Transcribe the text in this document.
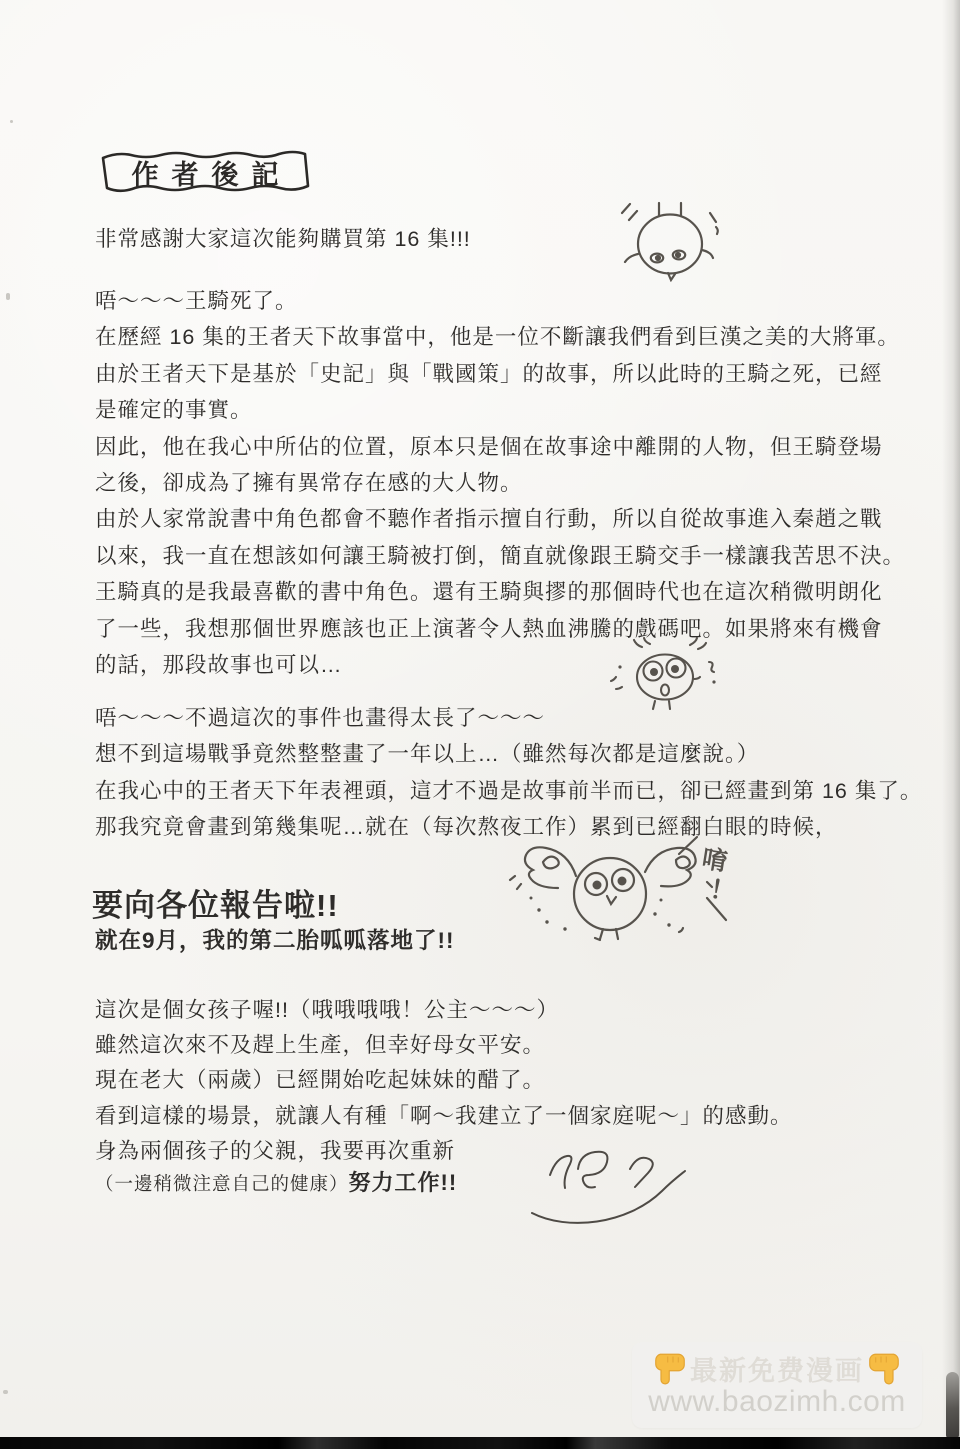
作者後記
非常感謝大家這次能夠購買第 16 集!!!
唔～～～王騎死了。
在歷經 16 集的王者天下故事當中，他是一位不斷讓我們看到巨漢之美的大將軍。
由於王者天下是基於「史記」與「戰國策」的故事，所以此時的王騎之死，已經
是確定的事實。
因此，他在我心中所佔的位置，原本只是個在故事途中離開的人物，但王騎登場
之後，卻成為了擁有異常存在感的大人物。
由於人家常說書中角色都會不聽作者指示擅自行動，所以自從故事進入秦趙之戰
以來，我一直在想該如何讓王騎被打倒，簡直就像跟王騎交手一樣讓我苦思不決。
王騎真的是我最喜歡的書中角色。還有王騎與摎的那個時代也在這次稍微明朗化
了一些，我想那個世界應該也正上演著令人熱血沸騰的戲碼吧。如果將來有機會
的話，那段故事也可以…
唔～～～不過這次的事件也畫得太長了～～～
想不到這場戰爭竟然整整畫了一年以上…（雖然每次都是這麼說。）
在我心中的王者天下年表裡頭，這才不過是故事前半而已，卻已經畫到第 16 集了。
那我究竟會畫到第幾集呢…就在（每次熬夜工作）累到已經翻白眼的時候，
唷！
要向各位報告啦!!
就在9月，我的第二胎呱呱落地了!!
這次是個女孩子喔!!（哦哦哦哦！公主～～～）
雖然這次來不及趕上生產，但幸好母女平安。
現在老大（兩歲）已經開始吃起妹妹的醋了。
看到這樣的場景，就讓人有種「啊～我建立了一個家庭呢～」的感動。
身為兩個孩子的父親，我要再次重新
（一邊稍微注意自己的健康）努力工作!!
最新免费漫画
www.baozimh.com
